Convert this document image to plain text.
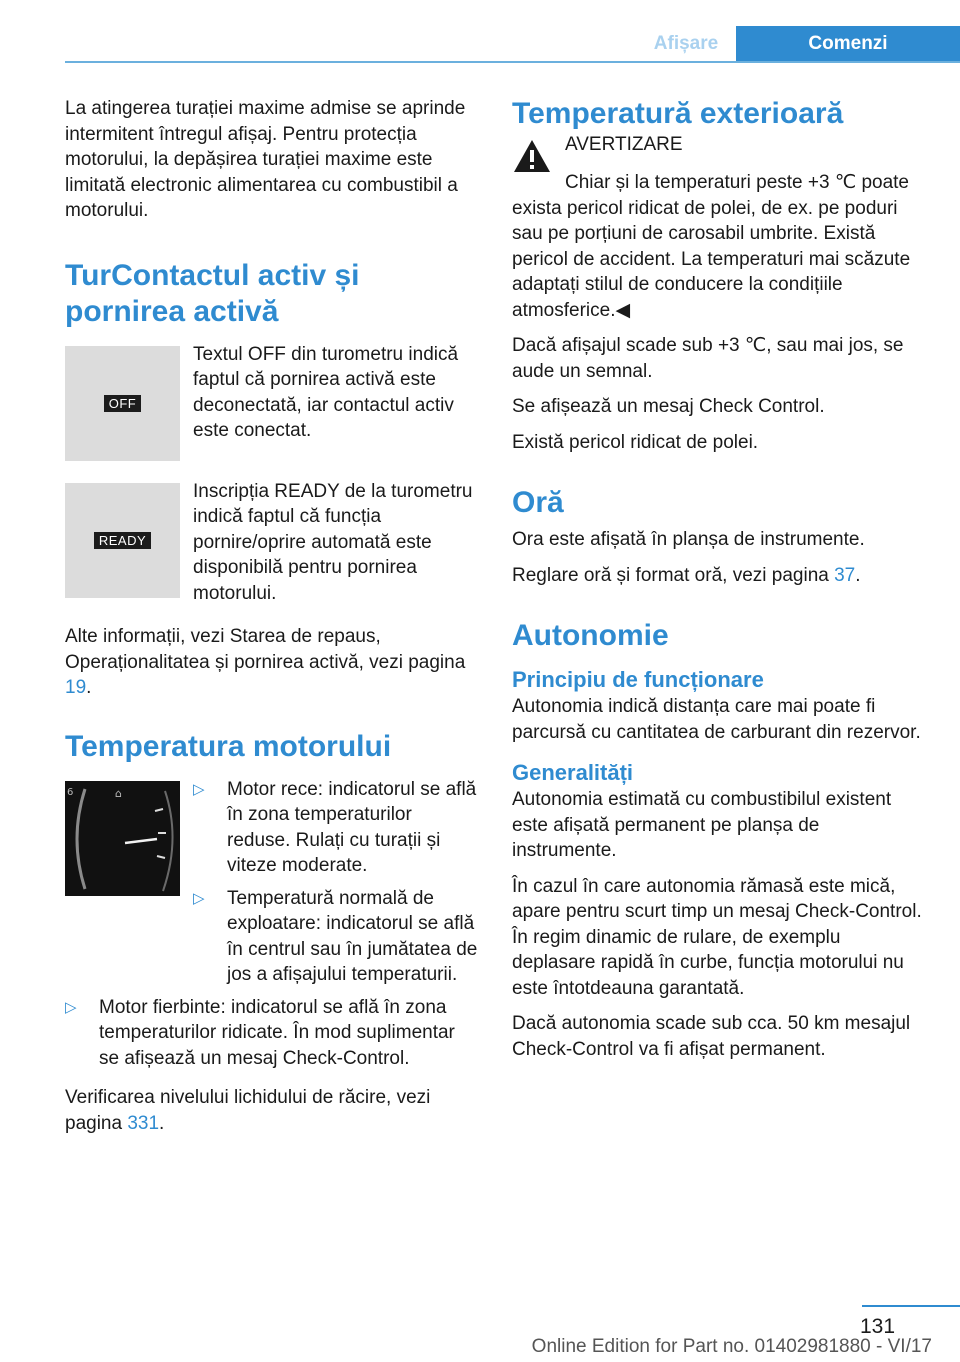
Afișare	Comenzi

La atingerea turației maxime admise se aprinde intermitent întregul afișaj. Pentru protecția motorului, la depășirea turației maxime este limitată electronic alimentarea cu combustibil a motorului.

TurContactul activ și
pornirea activă
OFF

Textul OFF din turometru indică faptul că pornirea activă este deconectată, iar contactul activ este conectat.

READY

Inscripția READY de la turometru indică faptul că funcția pornire/oprire automată este disponibilă pentru pornirea motorului.

Alte informații, vezi Starea de repaus, Operaționalitatea și pornirea activă, vezi pagina 19.

Temperatura motorului
⌂
6	▷	Motor rece: indicatorul se află în zona temperaturilor reduse. Rulați cu turații și viteze moderate.
▷	Temperatură normală de exploatare: indicatorul se află în centrul sau în jumătatea de jos a afișajului temperaturii.
▷	Motor fierbinte: indicatorul se află în zona temperaturilor ridicate. În mod suplimentar se afișează un mesaj Check-Control.

Verificarea nivelului lichidului de răcire, vezi pagina 331.

Temperatură exterioară

AVERTIZARE

Chiar și la temperaturi peste +3 ℃ poate exista pericol ridicat de polei, de ex. pe poduri sau pe porțiuni de carosabil umbrite. Există pericol de accident. La temperaturi mai scăzute adaptați stilul de conducere la condițiile atmosferice.◀

Dacă afișajul scade sub +3 ℃, sau mai jos, se aude un semnal.

Se afișează un mesaj Check Control.

Există pericol ridicat de polei.

Oră

Ora este afișată în planșa de instrumente.

Reglare oră și format oră, vezi pagina 37.

Autonomie
Principiu de funcționare

Autonomia indică distanța care mai poate fi parcursă cu cantitatea de carburant din rezervor.

Generalități

Autonomia estimată cu combustibilul existent este afișată permanent pe planșa de instrumente.

În cazul în care autonomia rămasă este mică, apare pentru scurt timp un mesaj Check-Control. În regim dinamic de rulare, de exemplu deplasare rapidă în curbe, funcția motorului nu este întotdeauna garantată.

Dacă autonomia scade sub cca. 50 km mesajul Check-Control va fi afișat permanent.

131
Online Edition for Part no. 01402981880 - VI/17
